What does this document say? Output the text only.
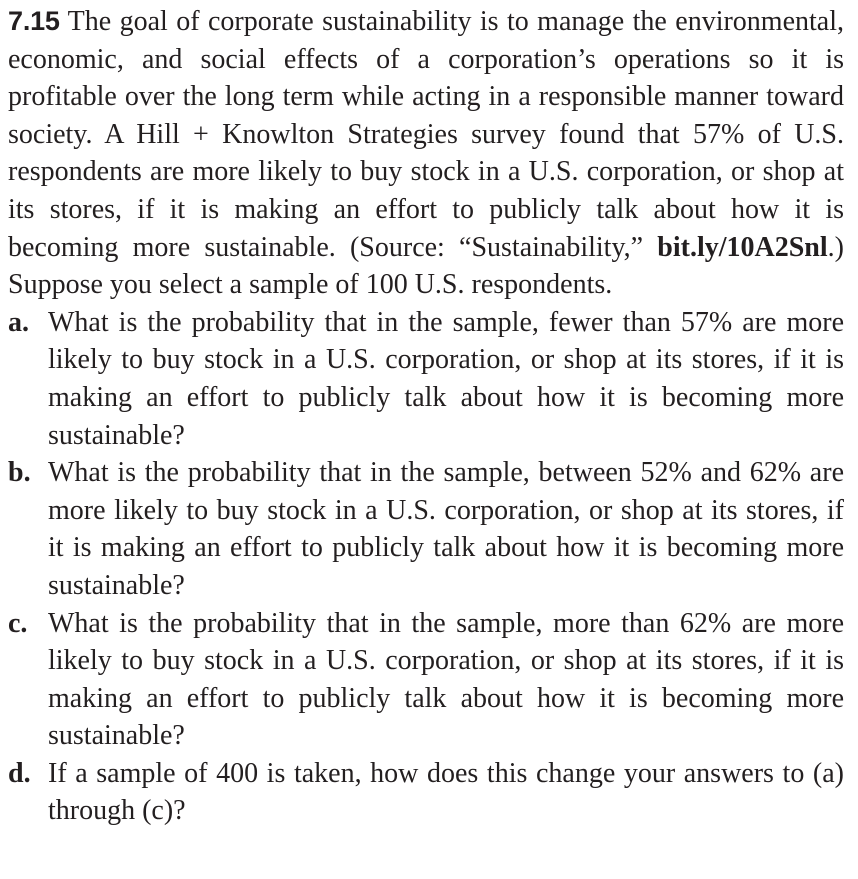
7.15 The goal of corporate sustainability is to manage the environmental, economic, and social effects of a corporation’s operations so it is profitable over the long term while acting in a responsible manner toward society. A Hill + Knowlton Strategies survey found that 57% of U.S. respondents are more likely to buy stock in a U.S. corporation, or shop at its stores, if it is making an effort to publicly talk about how it is becoming more sustainable. (Source: “Sustainability,” bit.ly/10A2Snl.) Suppose you select a sample of 100 U.S. respondents.

a. What is the probability that in the sample, fewer than 57% are more likely to buy stock in a U.S. corporation, or shop at its stores, if it is making an effort to publicly talk about how it is becoming more sustainable?
b. What is the probability that in the sample, between 52% and 62% are more likely to buy stock in a U.S. corporation, or shop at its stores, if it is making an effort to publicly talk about how it is becoming more sustainable?
c. What is the probability that in the sample, more than 62% are more likely to buy stock in a U.S. corporation, or shop at its stores, if it is making an effort to publicly talk about how it is becoming more sustainable?
d. If a sample of 400 is taken, how does this change your answers to (a) through (c)?
